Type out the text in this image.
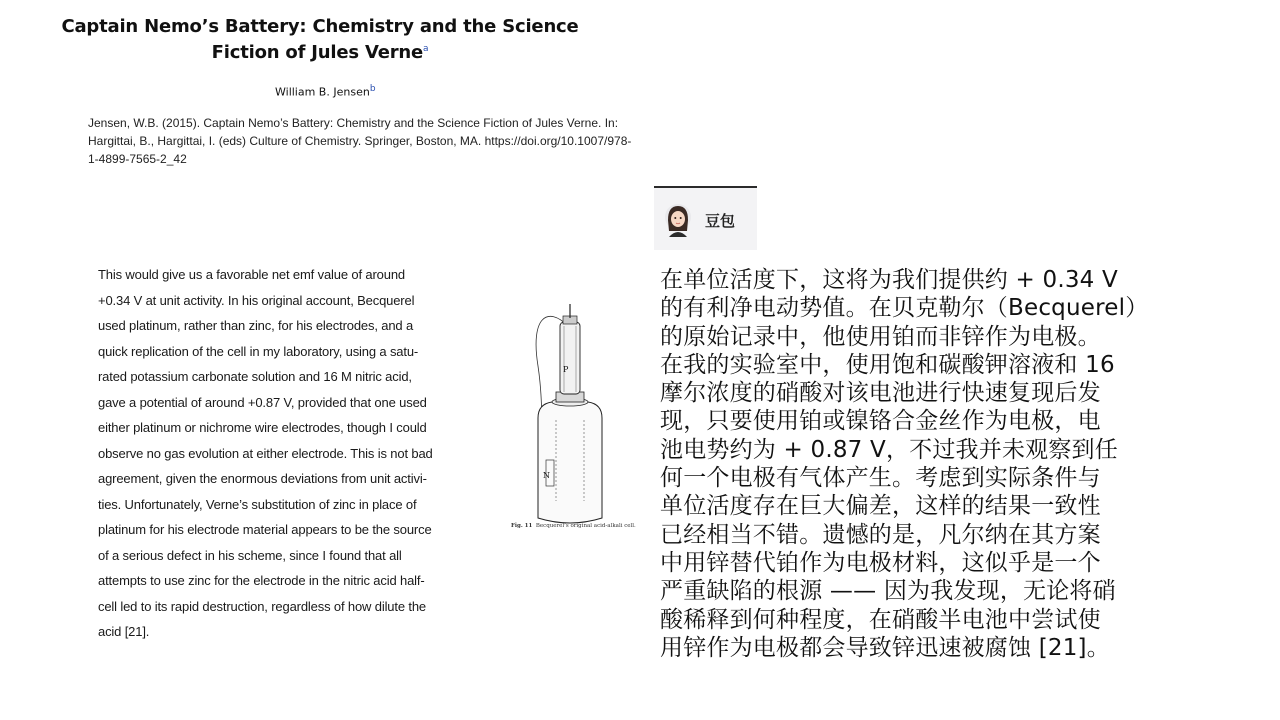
Captain Nemo’s Battery: Chemistry and the Science
Fiction of Jules Verne$^a$
William B. Jensen$^b$
Jensen, W.B. (2015). Captain Nemo’s Battery: Chemistry and the Science Fiction of Jules Verne. In:
Hargittai, B., Hargittai, I. (eds) Culture of Chemistry. Springer, Boston, MA. https://doi.org/10.1007/978-
1-4899-7565-2_42
This would give us a favorable net emf value of around
+0.34 V at unit activity. In his original account, Becquerel
used platinum, rather than zinc, for his electrodes, and a
quick replication of the cell in my laboratory, using a satu-
rated potassium carbonate solution and 16 M nitric acid,
gave a potential of around +0.87 V, provided that one used
either platinum or nichrome wire electrodes, though I could
observe no gas evolution at either electrode. This is not bad
agreement, given the enormous deviations from unit activi-
ties. Unfortunately, Verne’s substitution of zinc in place of
platinum for his electrode material appears to be the source
of a serious defect in his scheme, since I found that all
attempts to use zinc for the electrode in the nitric acid half-
cell led to its rapid destruction, regardless of how dilute the
acid [21].
P
N
Fig. 11 Becquerel’s original acid-alkali cell.
豆包
在单位活度下，这将为我们提供约 + 0.34 V
的有利净电动势值。在贝克勒尔（Becquerel）
的原始记录中，他使用铂而非锌作为电极。
在我的实验室中，使用饱和碳酸钾溶液和 16
摩尔浓度的硝酸对该电池进行快速复现后发
现，只要使用铂或镍铬合金丝作为电极，电
池电势约为 + 0.87 V，不过我并未观察到任
何一个电极有气体产生。考虑到实际条件与
单位活度存在巨大偏差，这样的结果一致性
已经相当不错。遗憾的是，凡尔纳在其方案
中用锌替代铂作为电极材料，这似乎是一个
严重缺陷的根源 —— 因为我发现，无论将硝
酸稀释到何种程度，在硝酸半电池中尝试使
用锌作为电极都会导致锌迅速被腐蚀 [21]。
